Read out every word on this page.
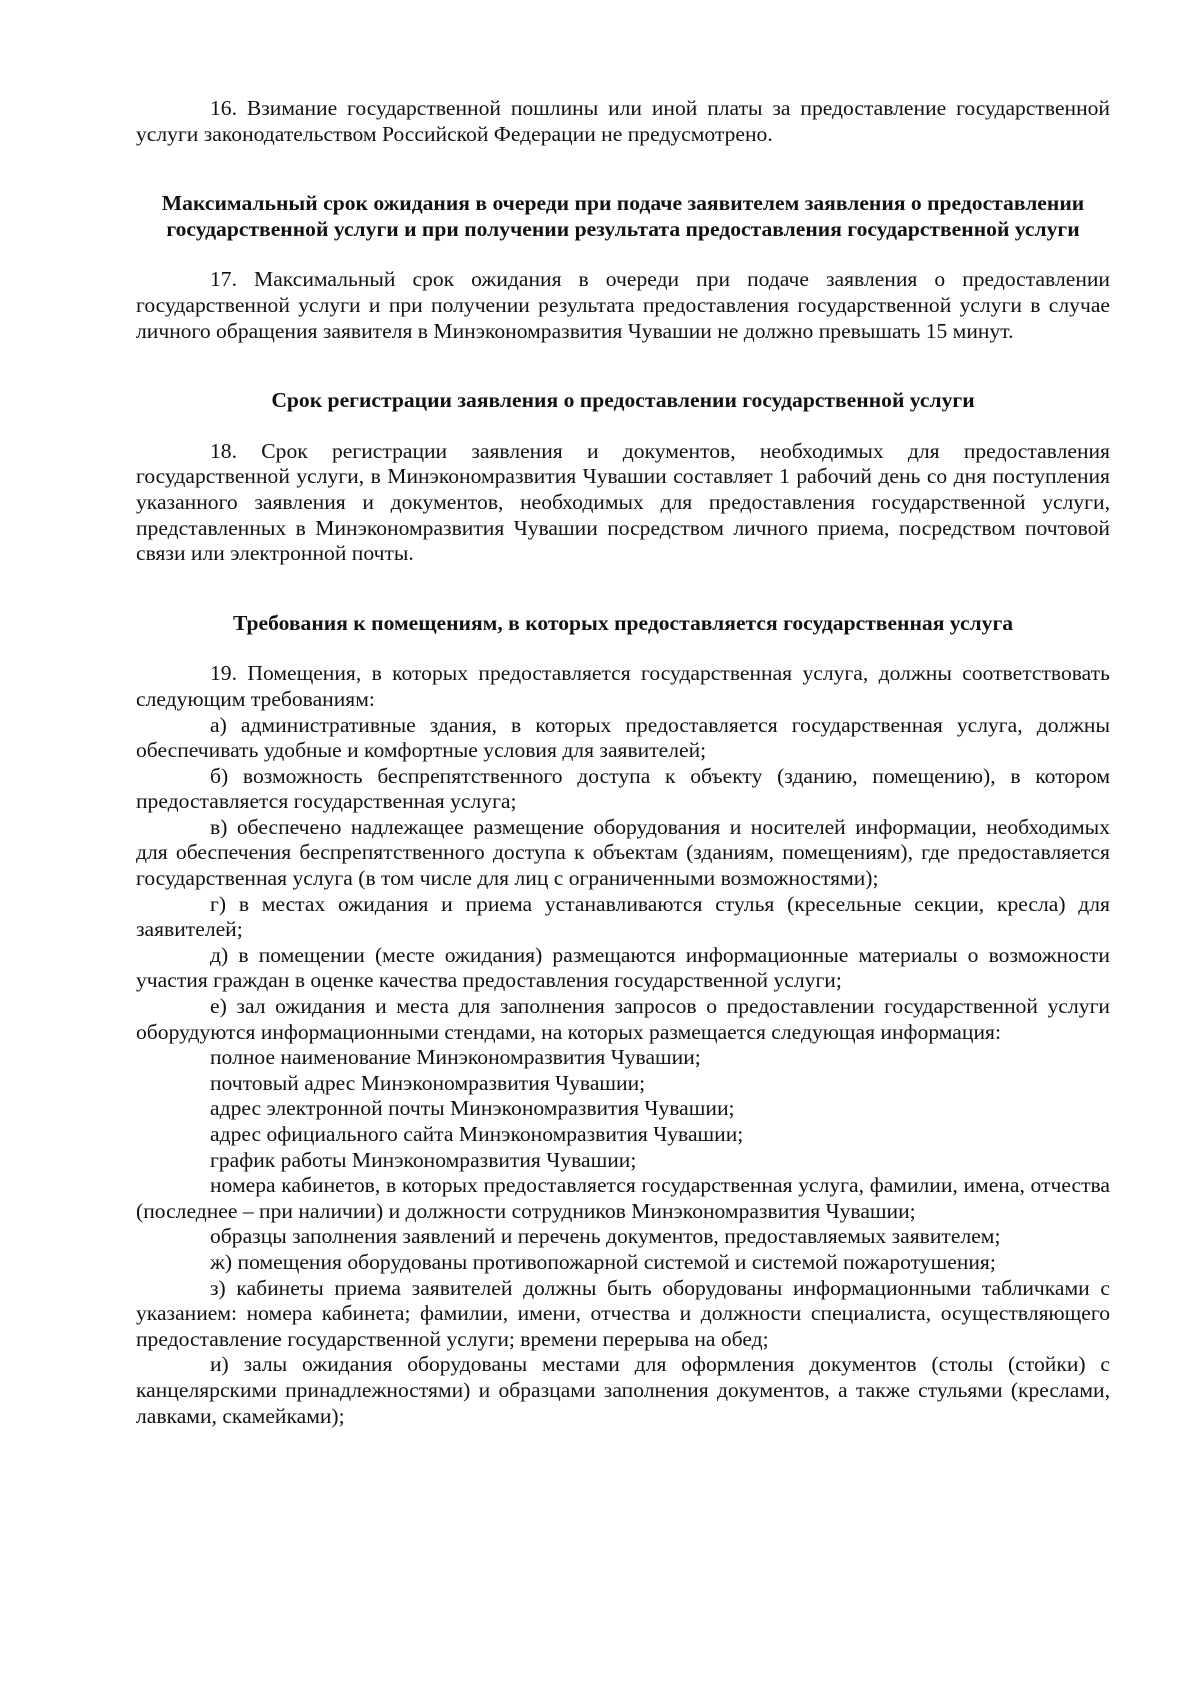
16. Взимание государственной пошлины или иной платы за предоставление государственной услуги законодательством Российской Федерации не предусмотрено.

Максимальный срок ожидания в очереди при подаче заявителем заявления о предоставлении государственной услуги и при получении результата предоставления государственной услуги

17. Максимальный срок ожидания в очереди при подаче заявления о предоставлении государственной услуги и при получении результата предоставления государственной услуги в случае личного обращения заявителя в Минэкономразвития Чувашии не должно превышать 15 минут.

Срок регистрации заявления о предоставлении государственной услуги

18. Срок регистрации заявления и документов, необходимых для предоставления государственной услуги, в Минэкономразвития Чувашии составляет 1 рабочий день со дня поступления указанного заявления и документов, необходимых для предоставления государственной услуги, представленных в Минэкономразвития Чувашии посредством личного приема, посредством почтовой связи или электронной почты.

Требования к помещениям, в которых предоставляется государственная услуга

19. Помещения, в которых предоставляется государственная услуга, должны соответствовать следующим требованиям:

а) административные здания, в которых предоставляется государственная услуга, должны обеспечивать удобные и комфортные условия для заявителей;

б) возможность беспрепятственного доступа к объекту (зданию, помещению), в котором предоставляется государственная услуга;

в) обеспечено надлежащее размещение оборудования и носителей информации, необходимых для обеспечения беспрепятственного доступа к объектам (зданиям, помещениям), где предоставляется государственная услуга (в том числе для лиц с ограниченными возможностями);

г) в местах ожидания и приема устанавливаются стулья (кресельные секции, кресла) для заявителей;

д) в помещении (месте ожидания) размещаются информационные материалы о возможности участия граждан в оценке качества предоставления государственной услуги;

е) зал ожидания и места для заполнения запросов о предоставлении государственной услуги оборудуются информационными стендами, на которых размещается следующая информация:

полное наименование Минэкономразвития Чувашии;

почтовый адрес Минэкономразвития Чувашии;

адрес электронной почты Минэкономразвития Чувашии;

адрес официального сайта Минэкономразвития Чувашии;

график работы Минэкономразвития Чувашии;

номера кабинетов, в которых предоставляется государственная услуга, фамилии, имена, отчества (последнее – при наличии) и должности сотрудников Минэкономразвития Чувашии;

образцы заполнения заявлений и перечень документов, предоставляемых заявителем;

ж) помещения оборудованы противопожарной системой и системой пожаротушения;

з) кабинеты приема заявителей должны быть оборудованы информационными табличками с указанием: номера кабинета; фамилии, имени, отчества и должности специалиста, осуществляющего предоставление государственной услуги; времени перерыва на обед;

и) залы ожидания оборудованы местами для оформления документов (столы (стойки) с канцелярскими принадлежностями) и образцами заполнения документов, а также стульями (креслами, лавками, скамейками);
